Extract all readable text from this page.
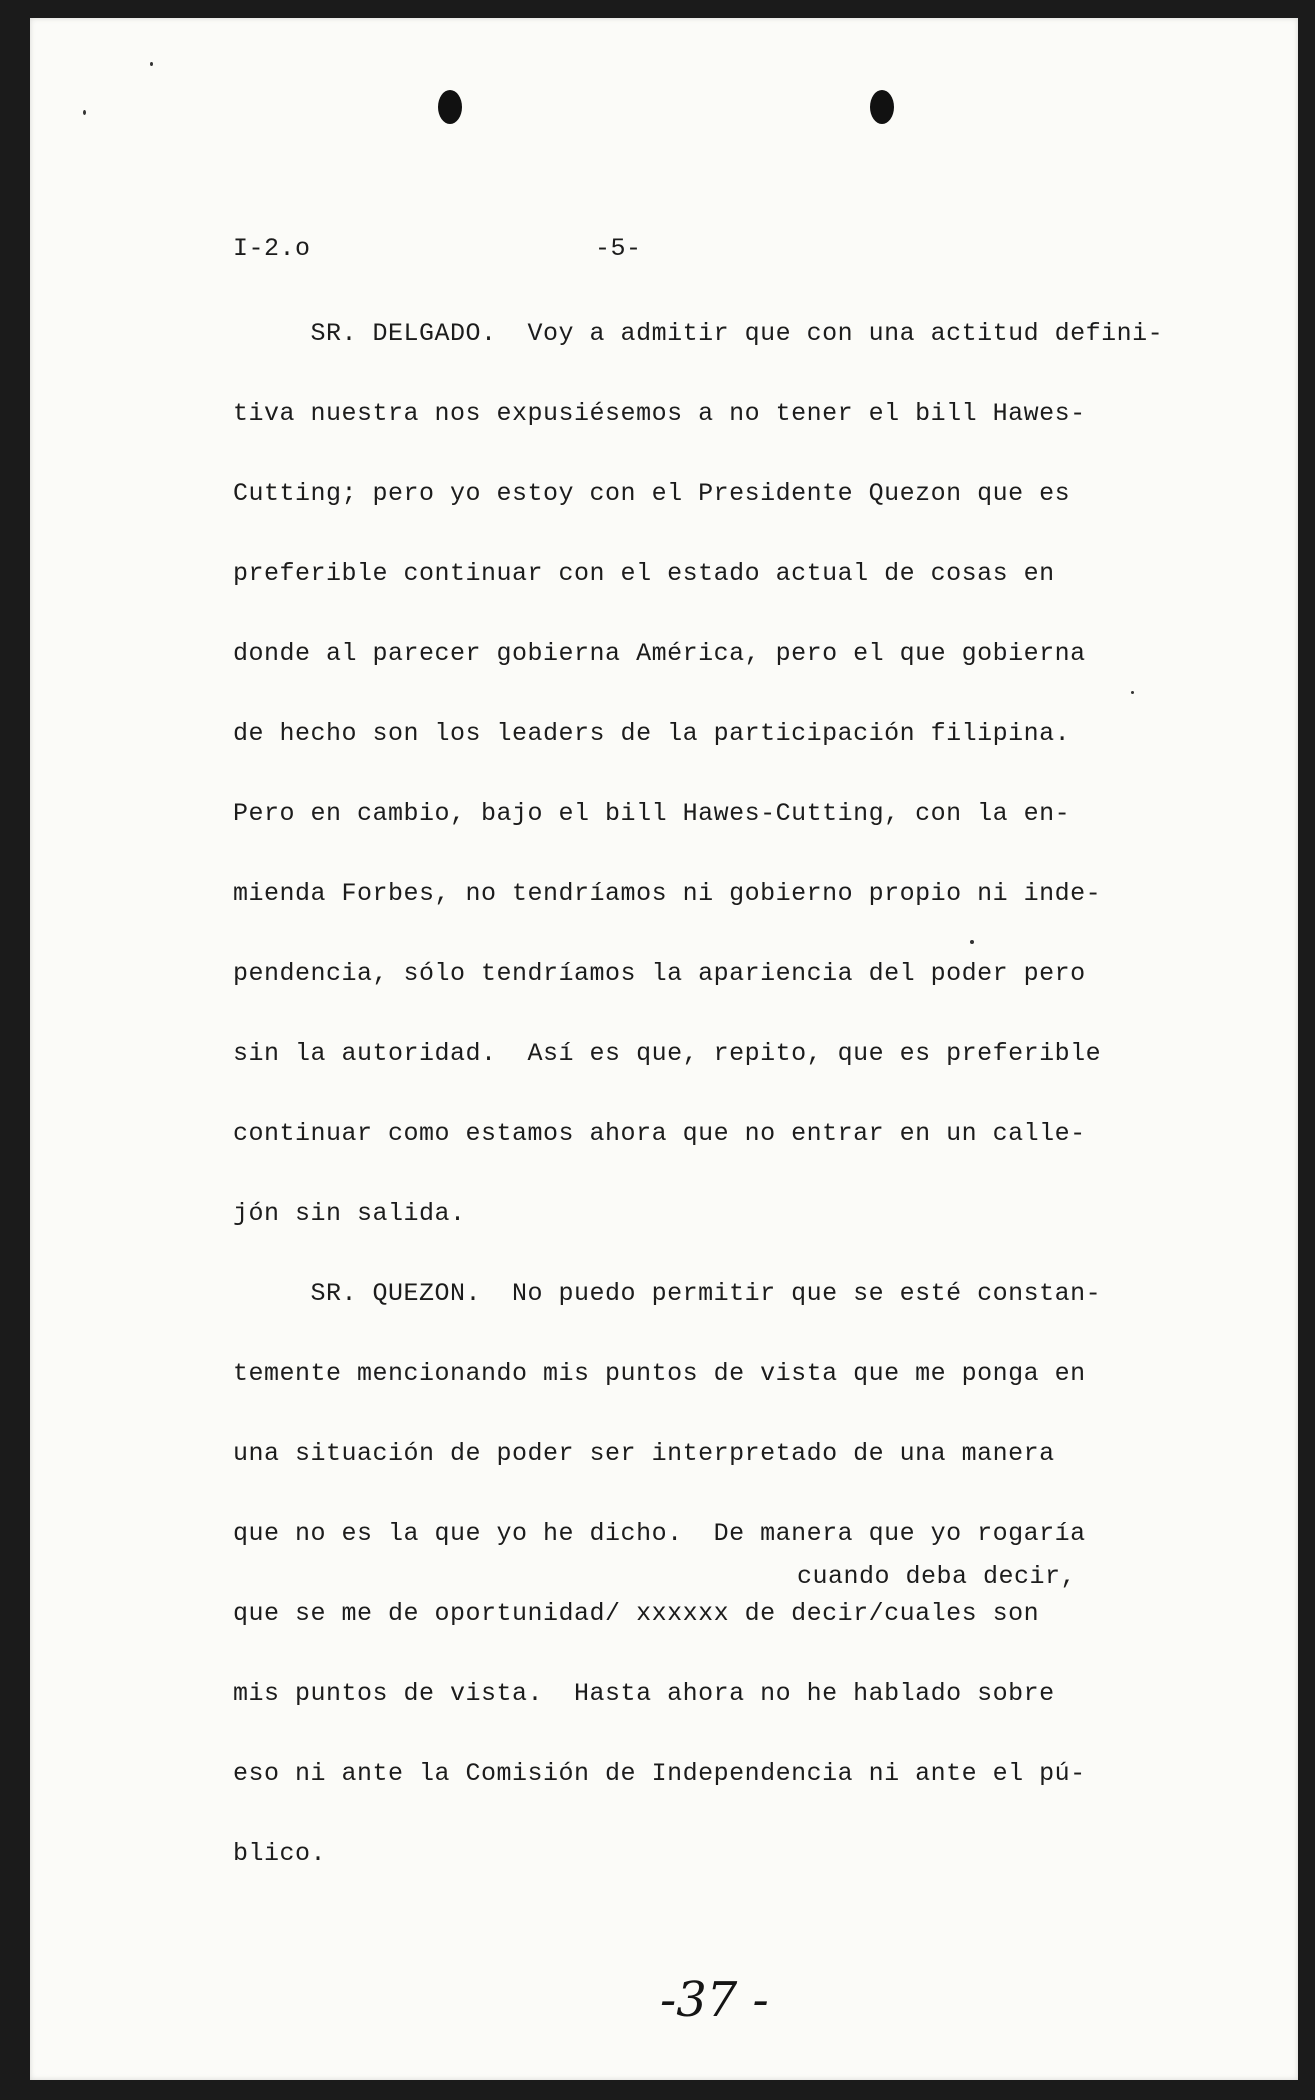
I-2.o	-5-
SR. DELGADO.  Voy a admitir que con una actitud defini-
tiva nuestra nos expusiésemos a no tener el bill Hawes-
Cutting; pero yo estoy con el Presidente Quezon que es
preferible continuar con el estado actual de cosas en
donde al parecer gobierna América, pero el que gobierna
de hecho son los leaders de la participación filipina.
Pero en cambio, bajo el bill Hawes-Cutting, con la en-
mienda Forbes, no tendríamos ni gobierno propio ni inde-
pendencia, sólo tendríamos la apariencia del poder pero
sin la autoridad.  Así es que, repito, que es preferible
continuar como estamos ahora que no entrar en un calle-
jón sin salida.
SR. QUEZON.  No puedo permitir que se esté constan-
temente mencionando mis puntos de vista que me ponga en
una situación de poder ser interpretado de una manera
que no es la que yo he dicho.  De manera que yo rogaría
que se me de oportunidad/ xxxxxx de decir/cuales son
mis puntos de vista.  Hasta ahora no he hablado sobre
eso ni ante la Comisión de Independencia ni ante el pú-
blico.
cuando deba decir,
-37 -
